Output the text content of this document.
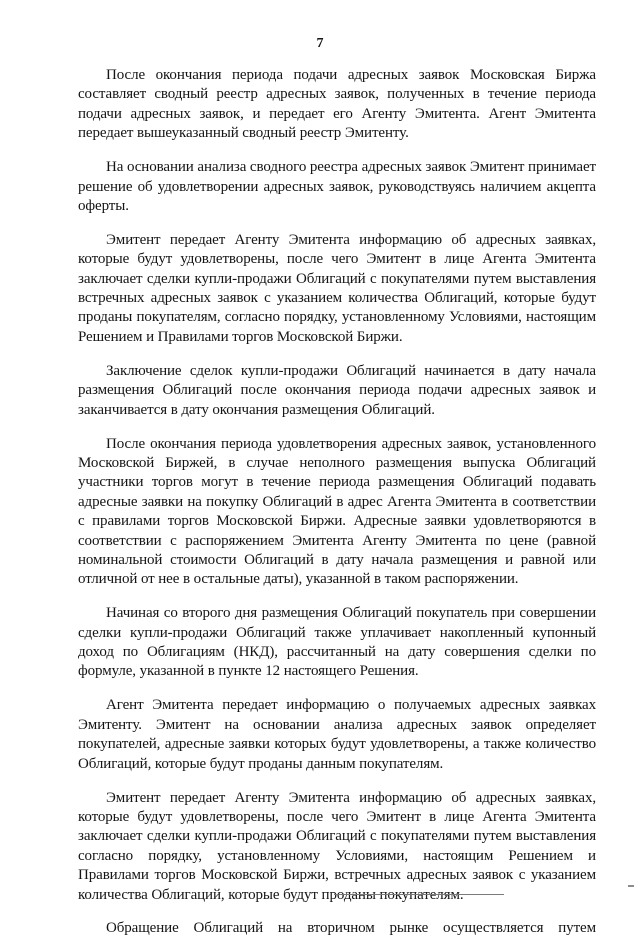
7

После окончания периода подачи адресных заявок Московская Биржа составляет сводный реестр адресных заявок, полученных в течение периода подачи адресных заявок, и передает его Агенту Эмитента. Агент Эмитента передает вышеуказанный сводный реестр Эмитенту.

На основании анализа сводного реестра адресных заявок Эмитент принимает решение об удовлетворении адресных заявок, руководствуясь наличием акцепта оферты.

Эмитент передает Агенту Эмитента информацию об адресных заявках, которые будут удовлетворены, после чего Эмитент в лице Агента Эмитента заключает сделки купли-продажи Облигаций с покупателями путем выставления встречных адресных заявок с указанием количества Облигаций, которые будут проданы покупателям, согласно порядку, установленному Условиями, настоящим Решением и Правилами торгов Московской Биржи.

Заключение сделок купли-продажи Облигаций начинается в дату начала размещения Облигаций после окончания периода подачи адресных заявок и заканчивается в дату окончания размещения Облигаций.

После окончания периода удовлетворения адресных заявок, установленного Московской Биржей, в случае неполного размещения выпуска Облигаций участники торгов могут в течение периода размещения Облигаций подавать адресные заявки на покупку Облигаций в адрес Агента Эмитента в соответствии с правилами торгов Московской Биржи. Адресные заявки удовлетворяются в соответствии с распоряжением Эмитента Агенту Эмитента по цене (равной номинальной стоимости Облигаций в дату начала размещения и равной или отличной от нее в остальные даты), указанной в таком распоряжении.

Начиная со второго дня размещения Облигаций покупатель при совершении сделки купли-продажи Облигаций также уплачивает накопленный купонный доход по Облигациям (НКД), рассчитанный на дату совершения сделки по формуле, указанной в пункте 12 настоящего Решения.

Агент Эмитента передает информацию о получаемых адресных заявках Эмитенту. Эмитент на основании анализа адресных заявок определяет покупателей, адресные заявки которых будут удовлетворены, а также количество Облигаций, которые будут проданы данным покупателям.

Эмитент передает Агенту Эмитента информацию об адресных заявках, которые будут удовлетворены, после чего Эмитент в лице Агента Эмитента заключает сделки купли-продажи Облигаций с покупателями путем выставления согласно порядку, установленному Условиями, настоящим Решением и Правилами торгов Московской Биржи, встречных адресных заявок с указанием количества Облигаций, которые будут проданы покупателям.

Обращение Облигаций на вторичном рынке осуществляется путем
